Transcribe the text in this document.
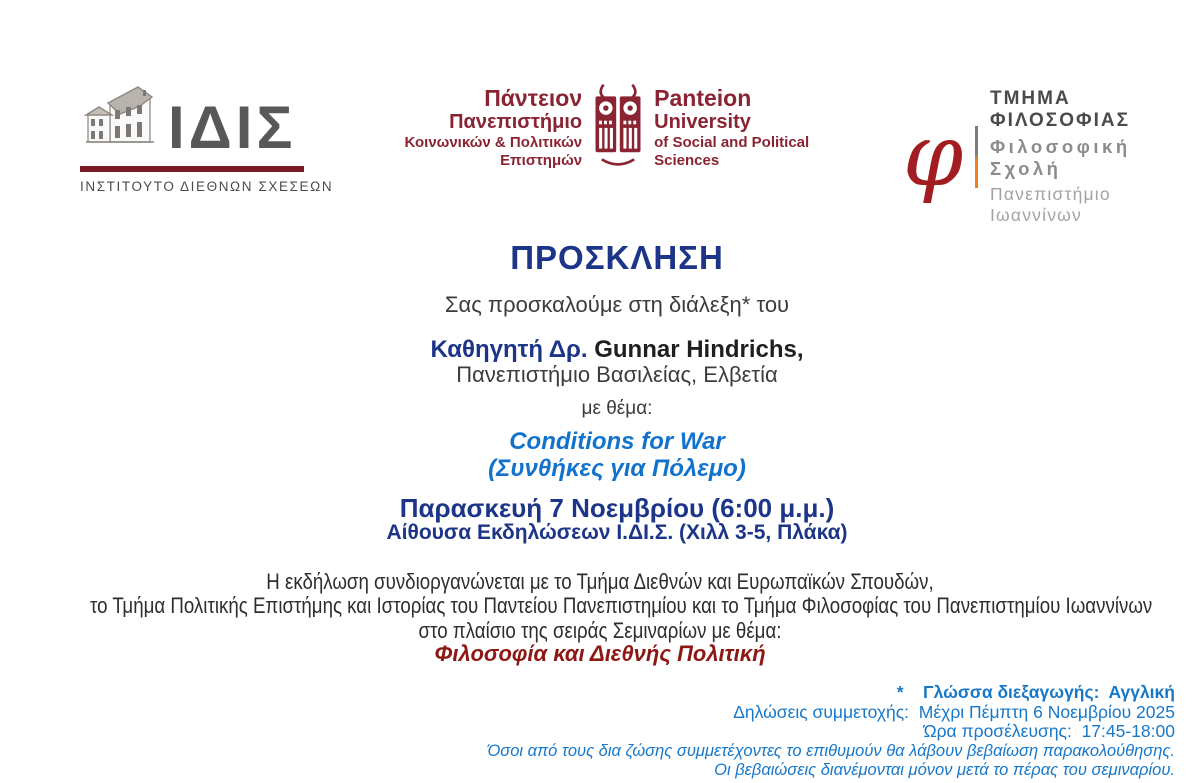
ΙΔΙΣ
ΙΝΣΤΙΤΟΥΤΟ ΔΙΕΘΝΩΝ ΣΧΕΣΕΩΝ
Πάντειον
Πανεπιστήμιο
Κοινωνικών & Πολιτικών Επιστημών
Panteion
University
of Social and Political Sciences	φ
ΤΜΗΜΑ ΦΙΛΟΣΟΦΙΑΣ
Φιλοσοφική Σχολή
Πανεπιστήμιο Ιωαννίνων
ΠΡΟΣΚΛΗΣΗ
Σας προσκαλούμε στη διάλεξη* του
Καθηγητή Δρ. Gunnar Hindrichs,
Πανεπιστήμιο Βασιλείας, Ελβετία
με θέμα:
Conditions for War
(Συνθήκες για Πόλεμο)
Παρασκευή 7 Νοεμβρίου (6:00 μ.μ.)
Αίθουσα Εκδηλώσεων Ι.ΔΙ.Σ. (Χιλλ 3-5, Πλάκα)
Η εκδήλωση συνδιοργανώνεται με το Τμήμα Διεθνών και Ευρωπαϊκών Σπουδών,
το Τμήμα Πολιτικής Επιστήμης και Ιστορίας του Παντείου Πανεπιστημίου και το Τμήμα Φιλοσοφίας του Πανεπιστημίου Ιωαννίνων
στο πλαίσιο της σειράς Σεμιναρίων με θέμα:
Φιλοσοφία και Διεθνής Πολιτική
*    Γλώσσα διεξαγωγής:  Αγγλική
Δηλώσεις συμμετοχής:  Μέχρι Πέμπτη 6 Νοεμβρίου 2025
Ώρα προσέλευσης:  17:45-18:00
Όσοι από τους δια ζώσης συμμετέχοντες το επιθυμούν θα λάβουν βεβαίωση παρακολούθησης.
Οι βεβαιώσεις διανέμονται μόνον μετά το πέρας του σεμιναρίου.
